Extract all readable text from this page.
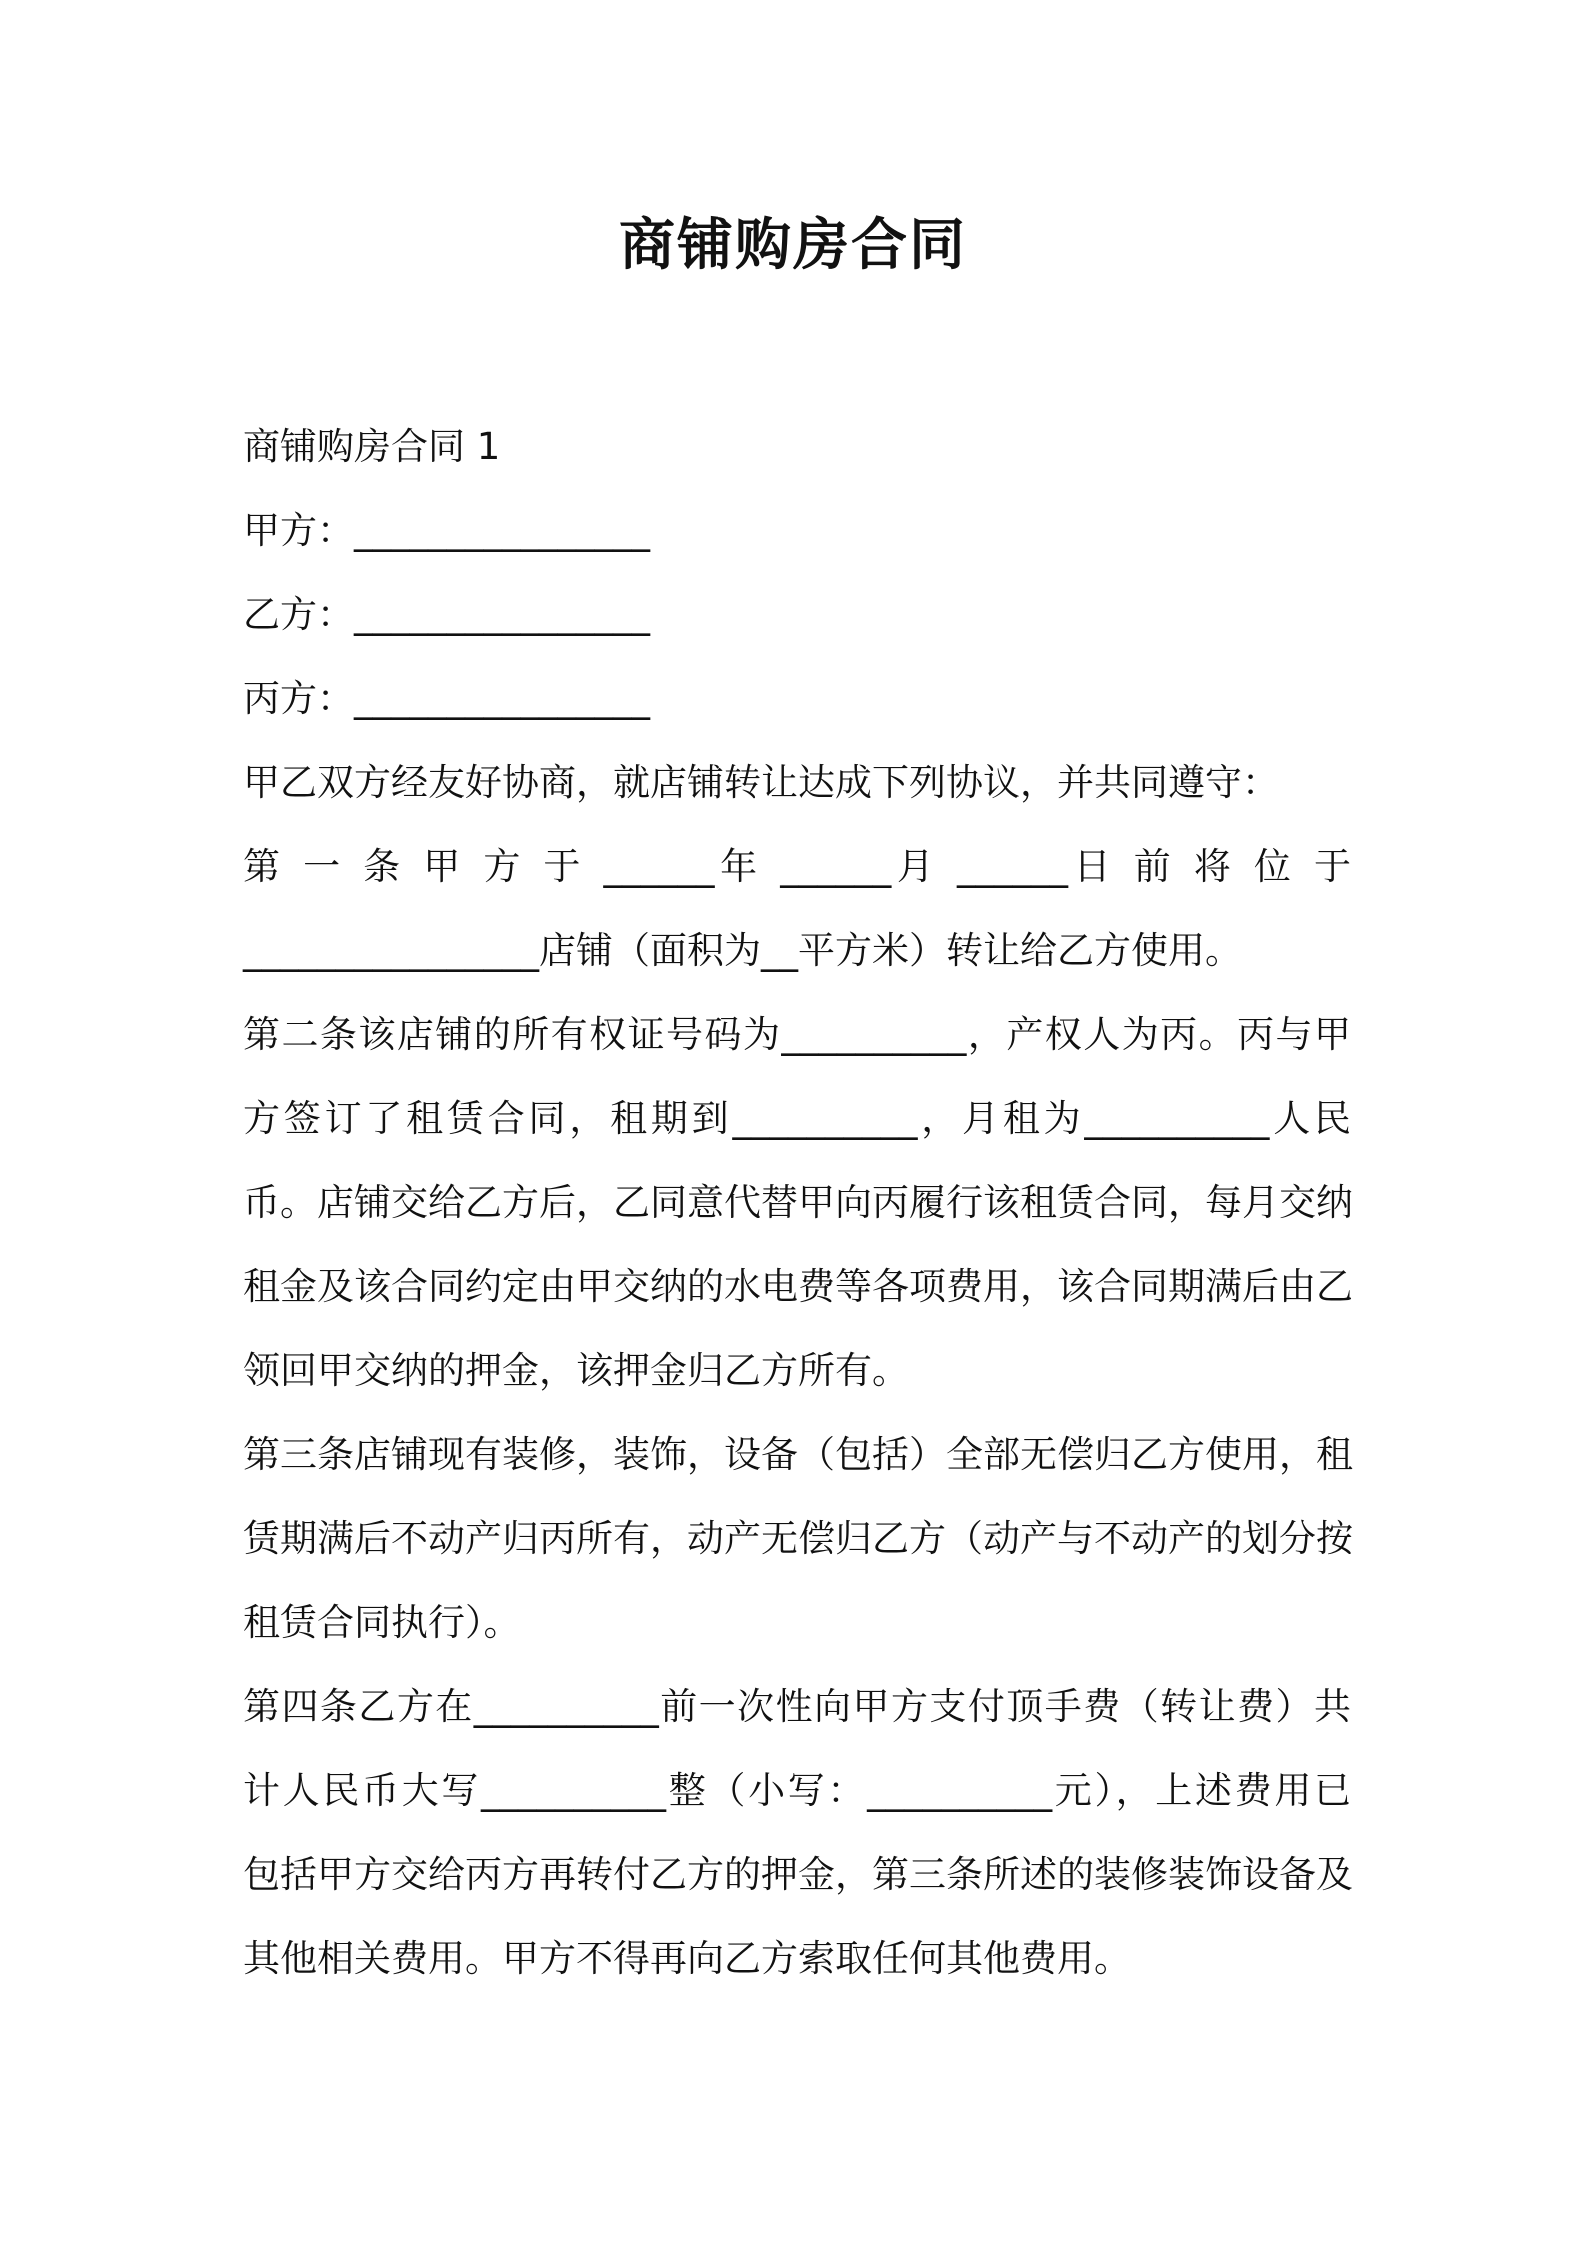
商铺购房合同
商铺购房合同 1
甲方：________________
乙方：________________
丙方：________________
甲乙双方经友好协商，就店铺转让达成下列协议，并共同遵守：
第 一 条 甲 方 于 ______年 ______月 ______日 前 将 位 于
________________店铺（面积为__平方米）转让给乙方使用。
第二条该店铺的所有权证号码为__________，产权人为丙。丙与甲
方签订了租赁合同，租期到__________，月租为__________人民
币。店铺交给乙方后，乙同意代替甲向丙履行该租赁合同，每月交纳
租金及该合同约定由甲交纳的水电费等各项费用，该合同期满后由乙
领回甲交纳的押金，该押金归乙方所有。
第三条店铺现有装修，装饰，设备（包括）全部无偿归乙方使用，租
赁期满后不动产归丙所有，动产无偿归乙方（动产与不动产的划分按
租赁合同执行）。
第四条乙方在__________前一次性向甲方支付顶手费（转让费）共
计人民币大写__________整（小写：__________元），上述费用已
包括甲方交给丙方再转付乙方的押金，第三条所述的装修装饰设备及
其他相关费用。甲方不得再向乙方索取任何其他费用。
